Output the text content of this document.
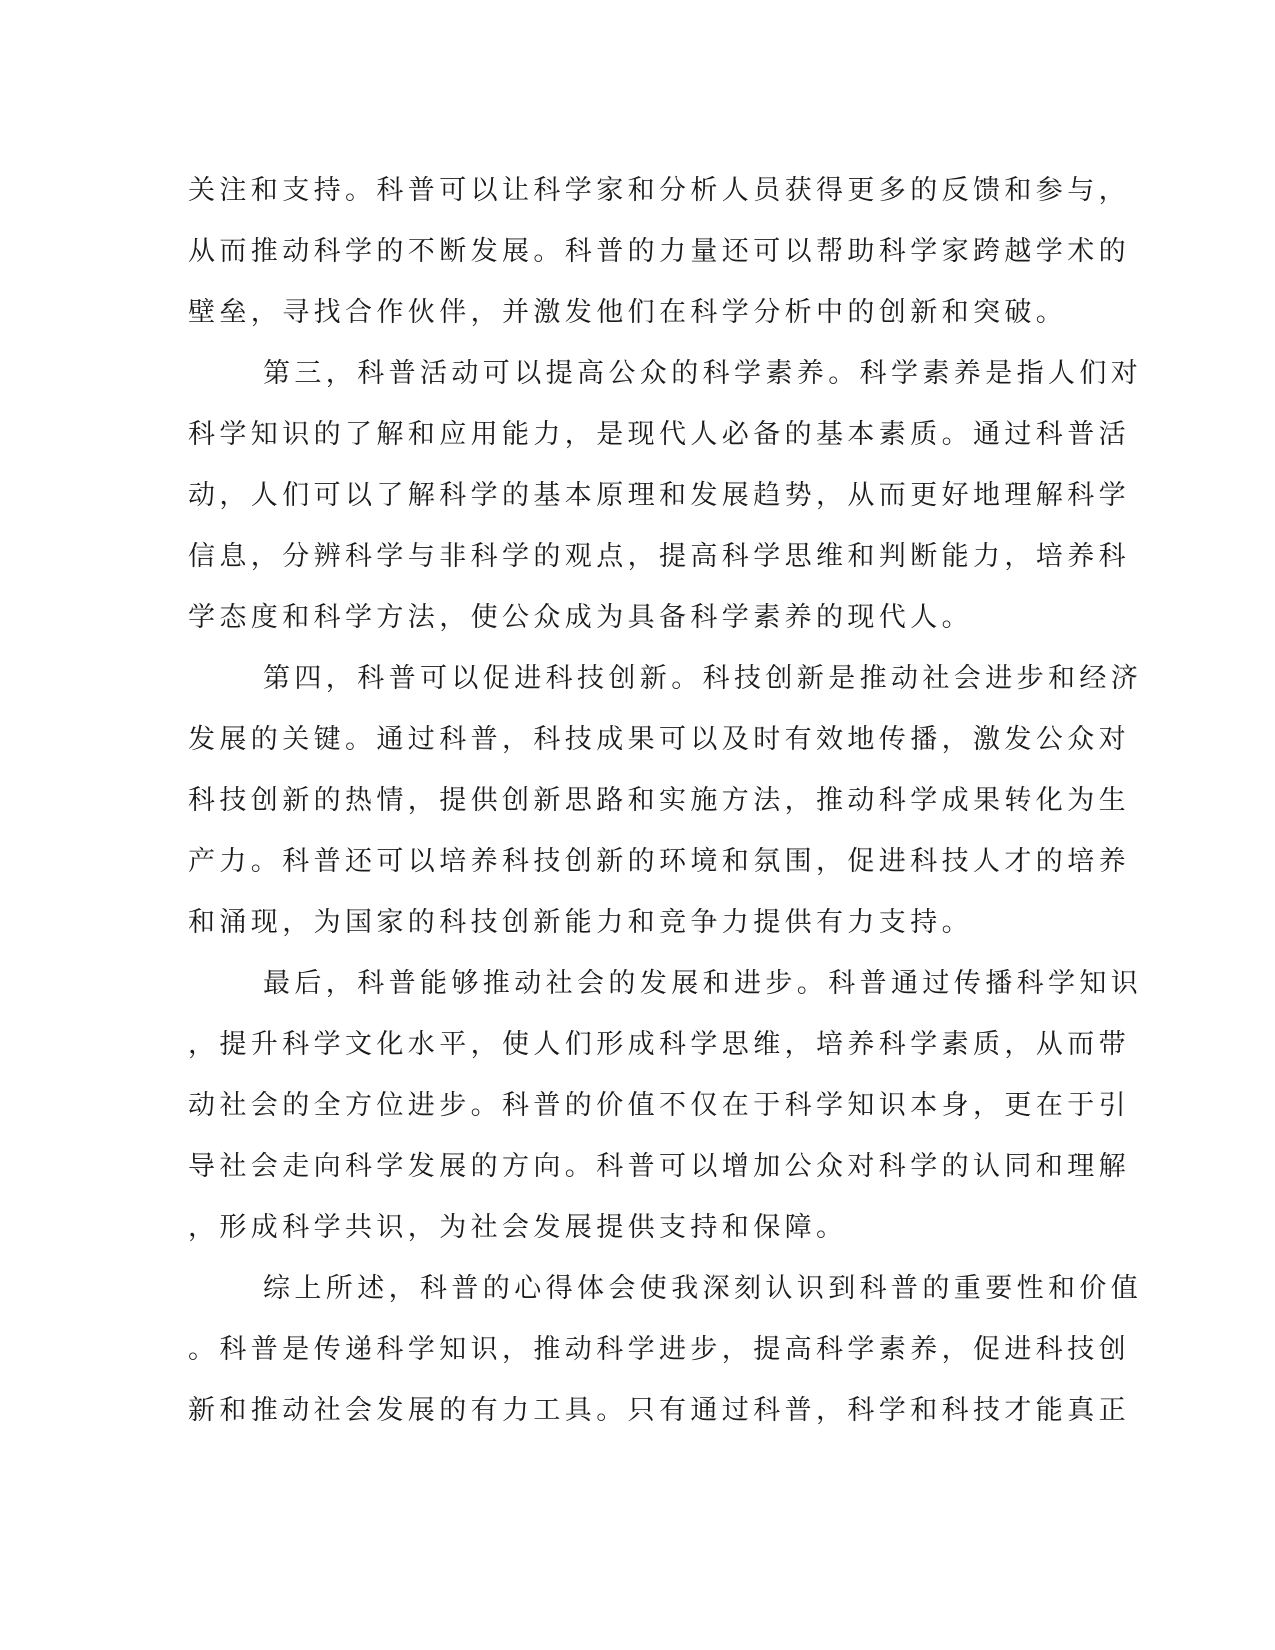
关注和支持。科普可以让科学家和分析人员获得更多的反馈和参与，
从而推动科学的不断发展。科普的力量还可以帮助科学家跨越学术的
壁垒，寻找合作伙伴，并激发他们在科学分析中的创新和突破。
第三，科普活动可以提高公众的科学素养。科学素养是指人们对
科学知识的了解和应用能力，是现代人必备的基本素质。通过科普活
动，人们可以了解科学的基本原理和发展趋势，从而更好地理解科学
信息，分辨科学与非科学的观点，提高科学思维和判断能力，培养科
学态度和科学方法，使公众成为具备科学素养的现代人。
第四，科普可以促进科技创新。科技创新是推动社会进步和经济
发展的关键。通过科普，科技成果可以及时有效地传播，激发公众对
科技创新的热情，提供创新思路和实施方法，推动科学成果转化为生
产力。科普还可以培养科技创新的环境和氛围，促进科技人才的培养
和涌现，为国家的科技创新能力和竞争力提供有力支持。
最后，科普能够推动社会的发展和进步。科普通过传播科学知识
，提升科学文化水平，使人们形成科学思维，培养科学素质，从而带
动社会的全方位进步。科普的价值不仅在于科学知识本身，更在于引
导社会走向科学发展的方向。科普可以增加公众对科学的认同和理解
，形成科学共识，为社会发展提供支持和保障。
综上所述，科普的心得体会使我深刻认识到科普的重要性和价值
。科普是传递科学知识，推动科学进步，提高科学素养，促进科技创
新和推动社会发展的有力工具。只有通过科普，科学和科技才能真正
